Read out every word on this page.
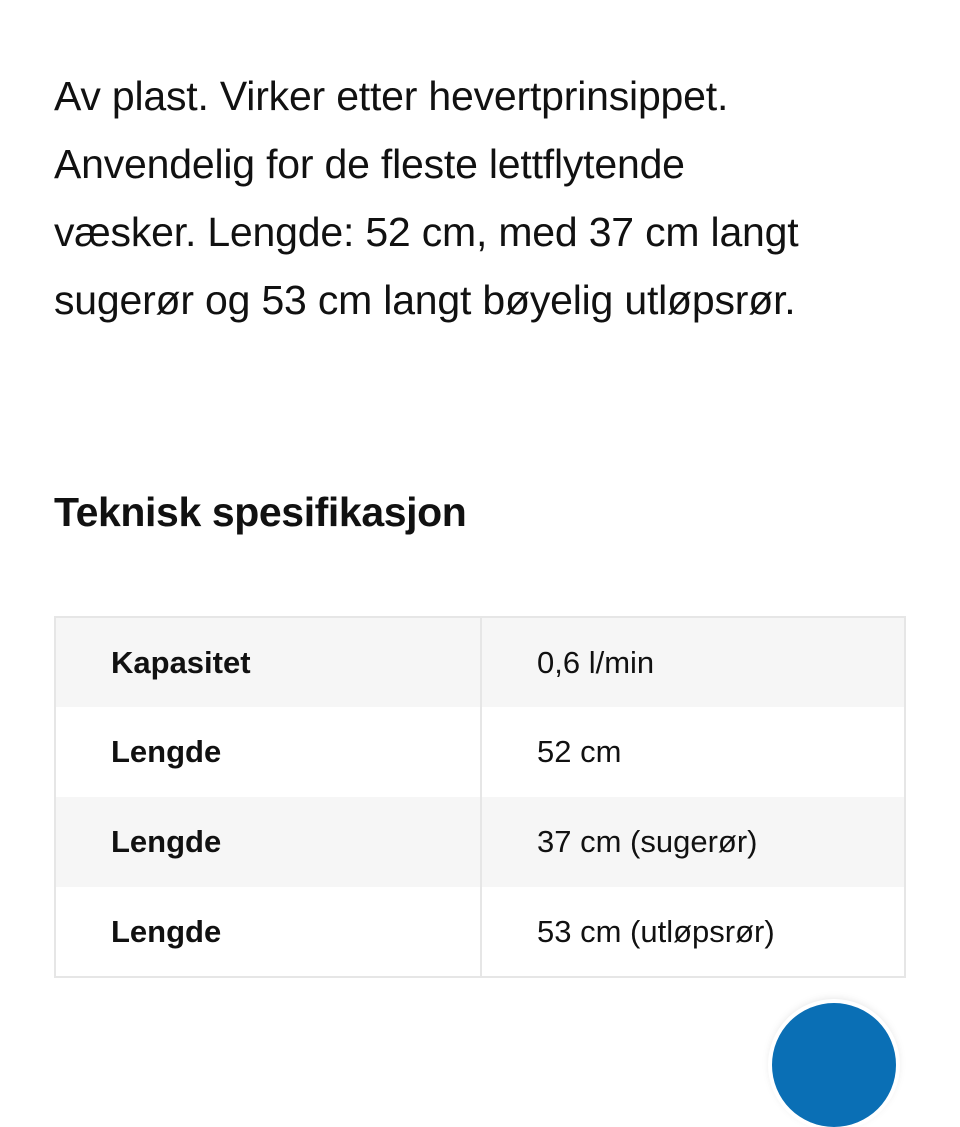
Av plast. Virker etter hevertprinsippet.
Anvendelig for de fleste lettflytende
væsker. Lengde: 52 cm, med 37 cm langt
sugerør og 53 cm langt bøyelig utløpsrør.

Teknisk spesifikasjon
Kapasitet	0,6 l/min
Lengde	52 cm
Lengde	37 cm (sugerør)
Lengde	53 cm (utløpsrør)
